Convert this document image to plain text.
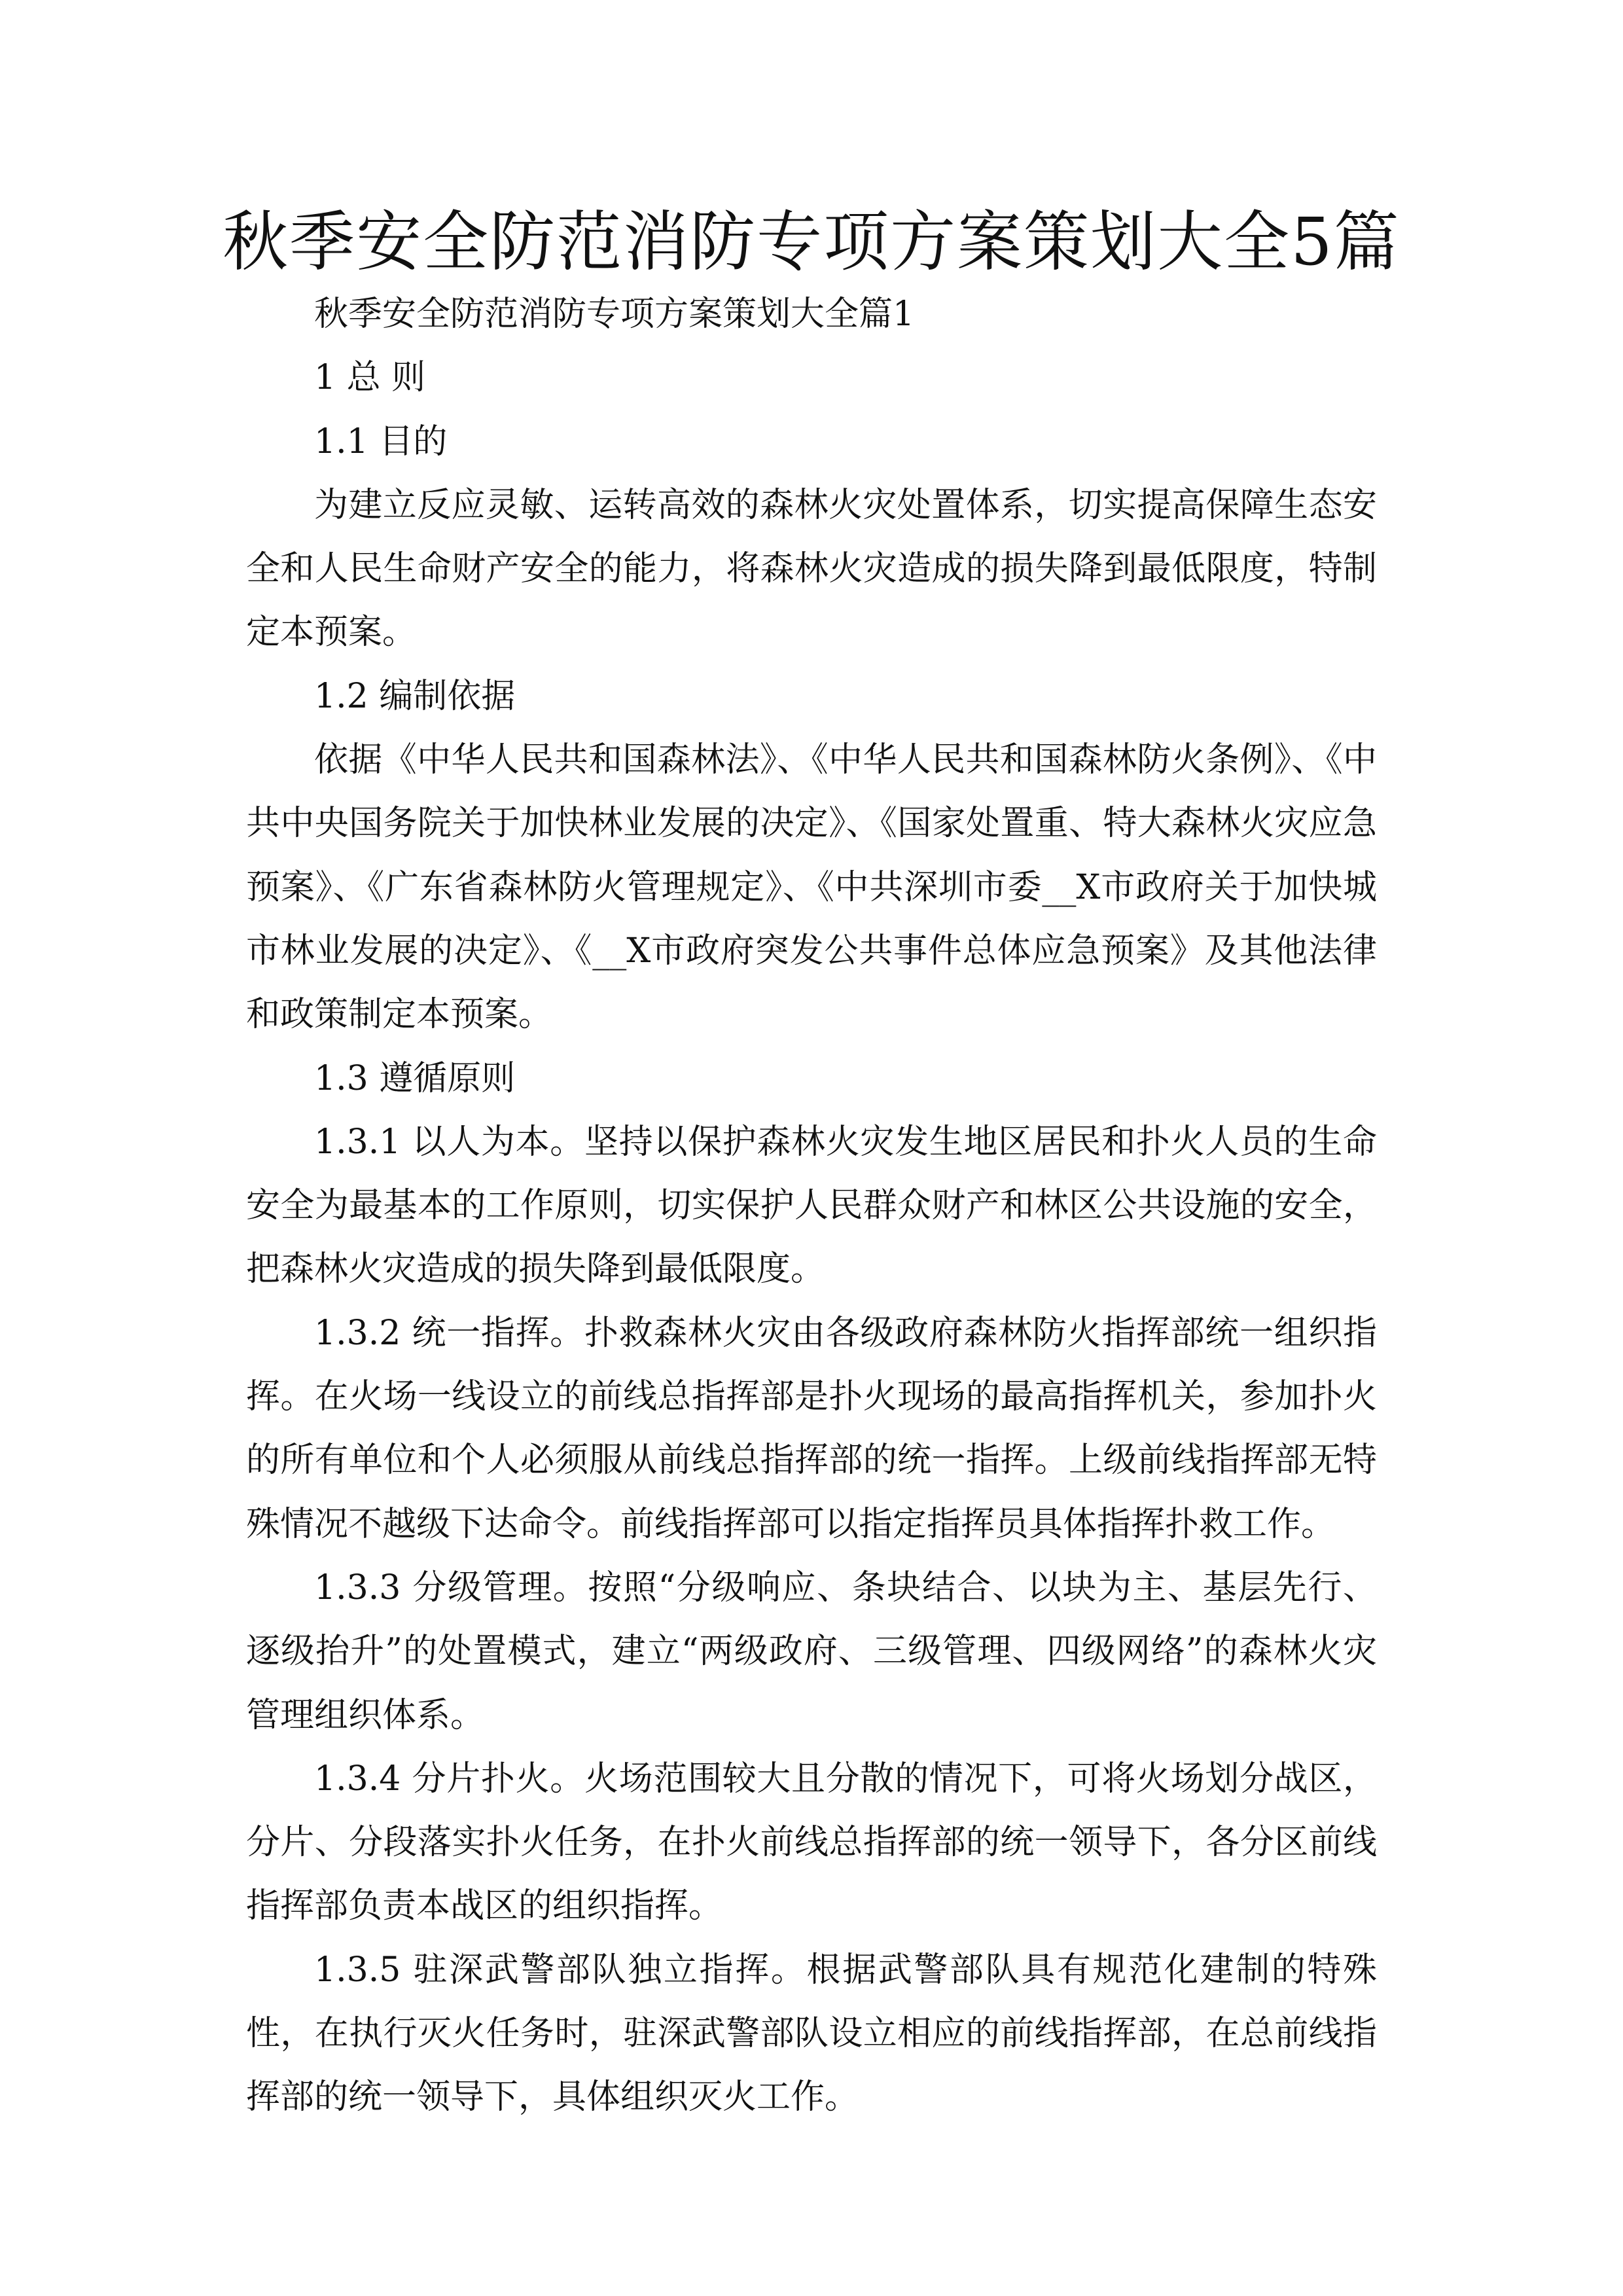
秋季安全防范消防专项方案策划大全5篇

秋季安全防范消防专项方案策划大全篇1

1 总 则

1.1 目的

为建立反应灵敏、运转高效的森林火灾处置体系，切实提高保障生态安全和人民生命财产安全的能力，将森林火灾造成的损失降到最低限度，特制定本预案。

1.2 编制依据

依据《中华人民共和国森林法》、《中华人民共和国森林防火条例》、《中共中央国务院关于加快林业发展的决定》、《国家处置重、特大森林火灾应急预案》、《广东省森林防火管理规定》、《中共深圳市委__X市政府关于加快城市林业发展的决定》、《__X市政府突发公共事件总体应急预案》及其他法律和政策制定本预案。

1.3 遵循原则

1.3.1 以人为本。坚持以保护森林火灾发生地区居民和扑火人员的生命安全为最基本的工作原则，切实保护人民群众财产和林区公共设施的安全，把森林火灾造成的损失降到最低限度。

1.3.2 统一指挥。扑救森林火灾由各级政府森林防火指挥部统一组织指挥。在火场一线设立的前线总指挥部是扑火现场的最高指挥机关，参加扑火的所有单位和个人必须服从前线总指挥部的统一指挥。上级前线指挥部无特殊情况不越级下达命令。前线指挥部可以指定指挥员具体指挥扑救工作。

1.3.3 分级管理。按照“分级响应、条块结合、以块为主、基层先行、逐级抬升”的处置模式，建立“两级政府、三级管理、四级网络”的森林火灾管理组织体系。

1.3.4 分片扑火。火场范围较大且分散的情况下，可将火场划分战区，分片、分段落实扑火任务，在扑火前线总指挥部的统一领导下，各分区前线指挥部负责本战区的组织指挥。

1.3.5 驻深武警部队独立指挥。根据武警部队具有规范化建制的特殊性，在执行灭火任务时，驻深武警部队设立相应的前线指挥部，在总前线指挥部的统一领导下，具体组织灭火工作。
